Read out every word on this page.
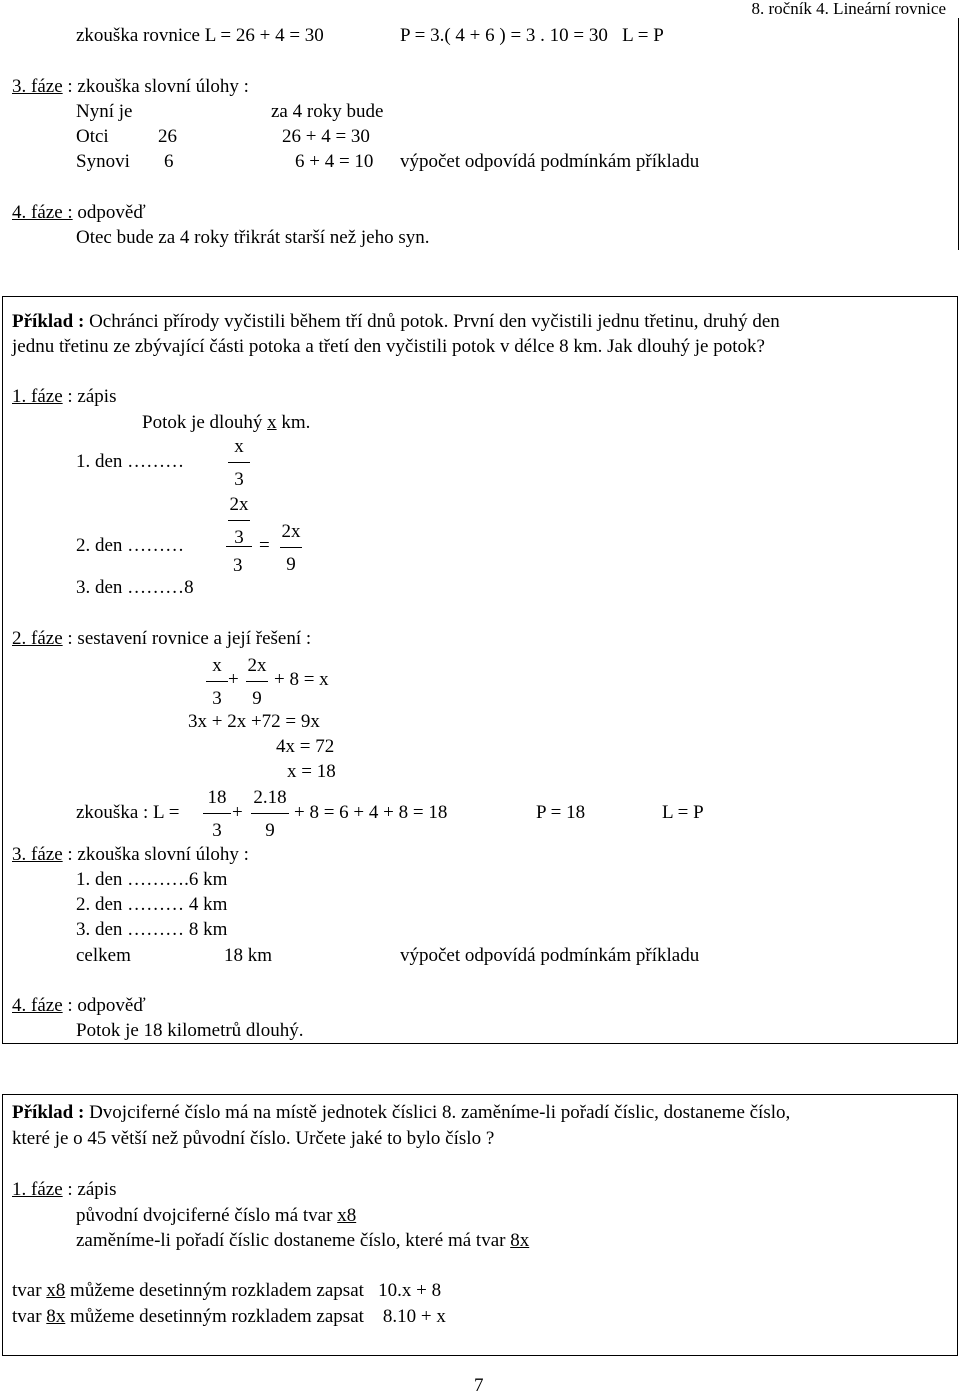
8. ročník 4. Lineární rovnice
zkouška rovnice L = 26 + 4 = 30	P = 3.( 4 + 6 ) = 3 . 10 = 30   L = P
3. fáze : zkouška slovní úlohy :
Nyní je	za 4 roky bude
Otci	26	26 + 4 = 30
Synovi 6	6 + 4 = 10 výpočet odpovídá podmínkám příkladu
4. fáze : odpověď
Otec bude za 4 roky třikrát starší než jeho syn.
Příklad : Ochránci přírody vyčistili během tří dnů potok. První den vyčistili jednu třetinu, druhý den
jednu třetinu ze zbývající části potoka a třetí den vyčistili potok v délce 8 km. Jak dlouhý je potok?
1. fáze : zápis
Potok je dlouhý x km.
1. den ………
x
3
2x
3
2. den ………
3
=
2x
9
3. den ………8
2. fáze : sestavení rovnice a její řešení :
x
3
+
2x
9
+ 8 = x
3x + 2x +72 = 9x
4x = 72
x = 18
zkouška : L =
18
3
+
2.18
9
+ 8 = 6 + 4 + 8 = 18	P = 18	L = P
3. fáze : zkouška slovní úlohy :
1. den ……….6 km
2. den ……… 4 km
3. den ……… 8 km
celkem	18 km	výpočet odpovídá podmínkám příkladu
4. fáze : odpověď
Potok je 18 kilometrů dlouhý.
Příklad : Dvojciferné číslo má na místě jednotek číslici 8. zaměníme-li pořadí číslic, dostaneme číslo,
které je o 45 větší než původní číslo. Určete jaké to bylo číslo ?
1. fáze : zápis
původní dvojciferné číslo má tvar x8
zaměníme-li pořadí číslic dostaneme číslo, které má tvar 8x
tvar x8 můžeme desetinným rozkladem zapsat   10.x + 8
tvar 8x můžeme desetinným rozkladem zapsat    8.10 + x
7
